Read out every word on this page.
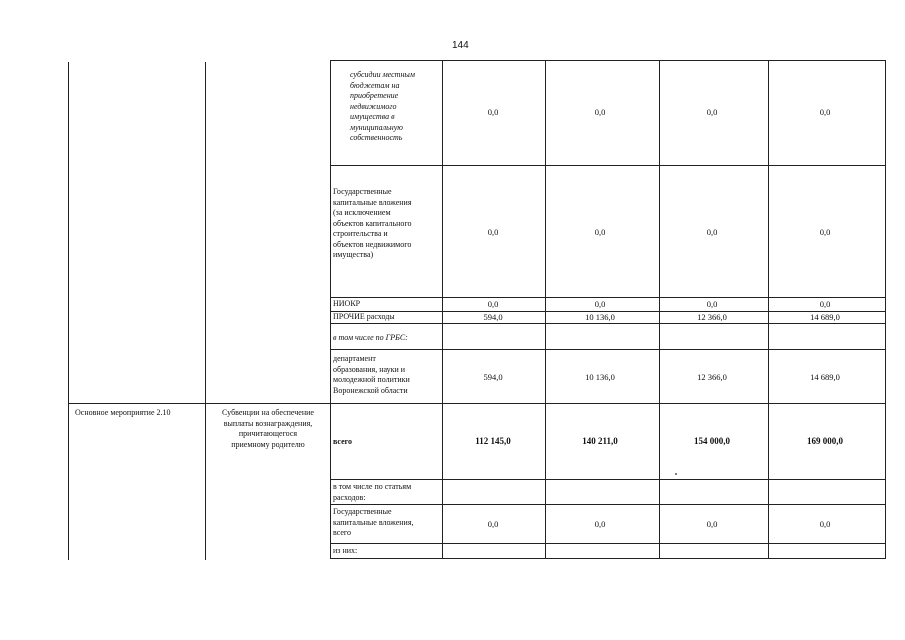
144
субсидии местным
бюджетам на
приобретение
недвижимого
имущества в
муниципальную
собственность
0,0	0,0	0,0	0,0
Государственные
капитальные вложения
(за исключением
объектов капитального
строительства и
объектов недвижимого
имущества)
0,0	0,0	0,0	0,0
НИОКР	0,0	0,0	0,0	0,0
ПРОЧИЕ расходы	594,0	10 136,0	12 366,0	14 689,0
в том числе по ГРБС:
департамент
образования, науки и
молодежной политики
Воронежской области
594,0	10 136,0	12 366,0	14 689,0
Основное мероприятие 2.10	Субвенции на обеспечение
выплаты вознаграждения,
причитающегося
приемному родителю	всего	112 145,0	140 211,0	154 000,0	169 000,0
в том числе по статьям
расходов:
Государственные
капитальные вложения,
всего
0,0	0,0	0,0	0,0
из них:
